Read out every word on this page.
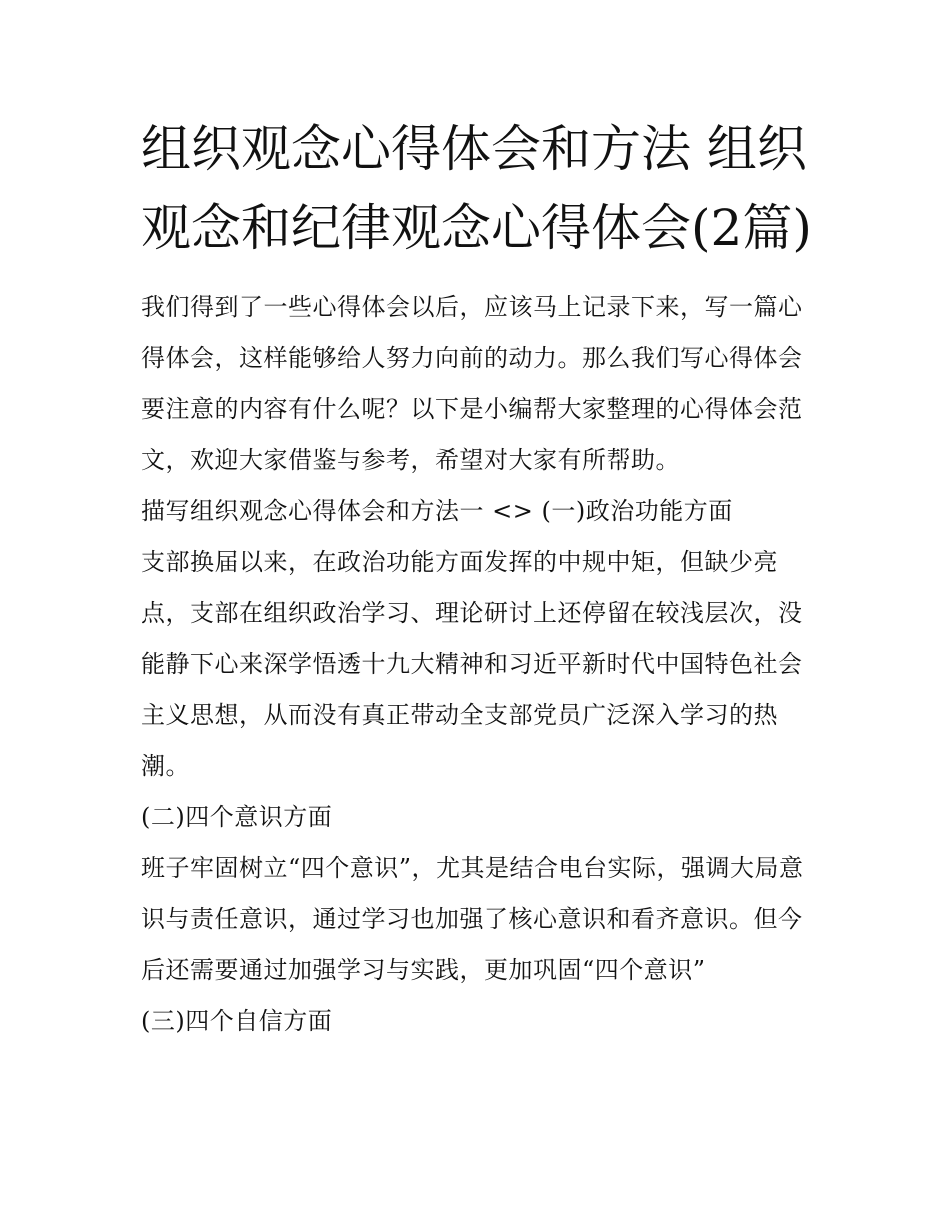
组织观念心得体会和方法 组织观念和纪律观念心得体会(2篇)

我们得到了一些心得体会以后，应该马上记录下来，写一篇心得体会，这样能够给人努力向前的动力。那么我们写心得体会要注意的内容有什么呢？以下是小编帮大家整理的心得体会范文，欢迎大家借鉴与参考，希望对大家有所帮助。

描写组织观念心得体会和方法一 <> (一)政治功能方面

支部换届以来，在政治功能方面发挥的中规中矩，但缺少亮点，支部在组织政治学习、理论研讨上还停留在较浅层次，没能静下心来深学悟透十九大精神和习近平新时代中国特色社会主义思想，从而没有真正带动全支部党员广泛深入学习的热潮。

(二)四个意识方面

班子牢固树立“四个意识”，尤其是结合电台实际，强调大局意识与责任意识，通过学习也加强了核心意识和看齐意识。但今后还需要通过加强学习与实践，更加巩固“四个意识”

(三)四个自信方面
